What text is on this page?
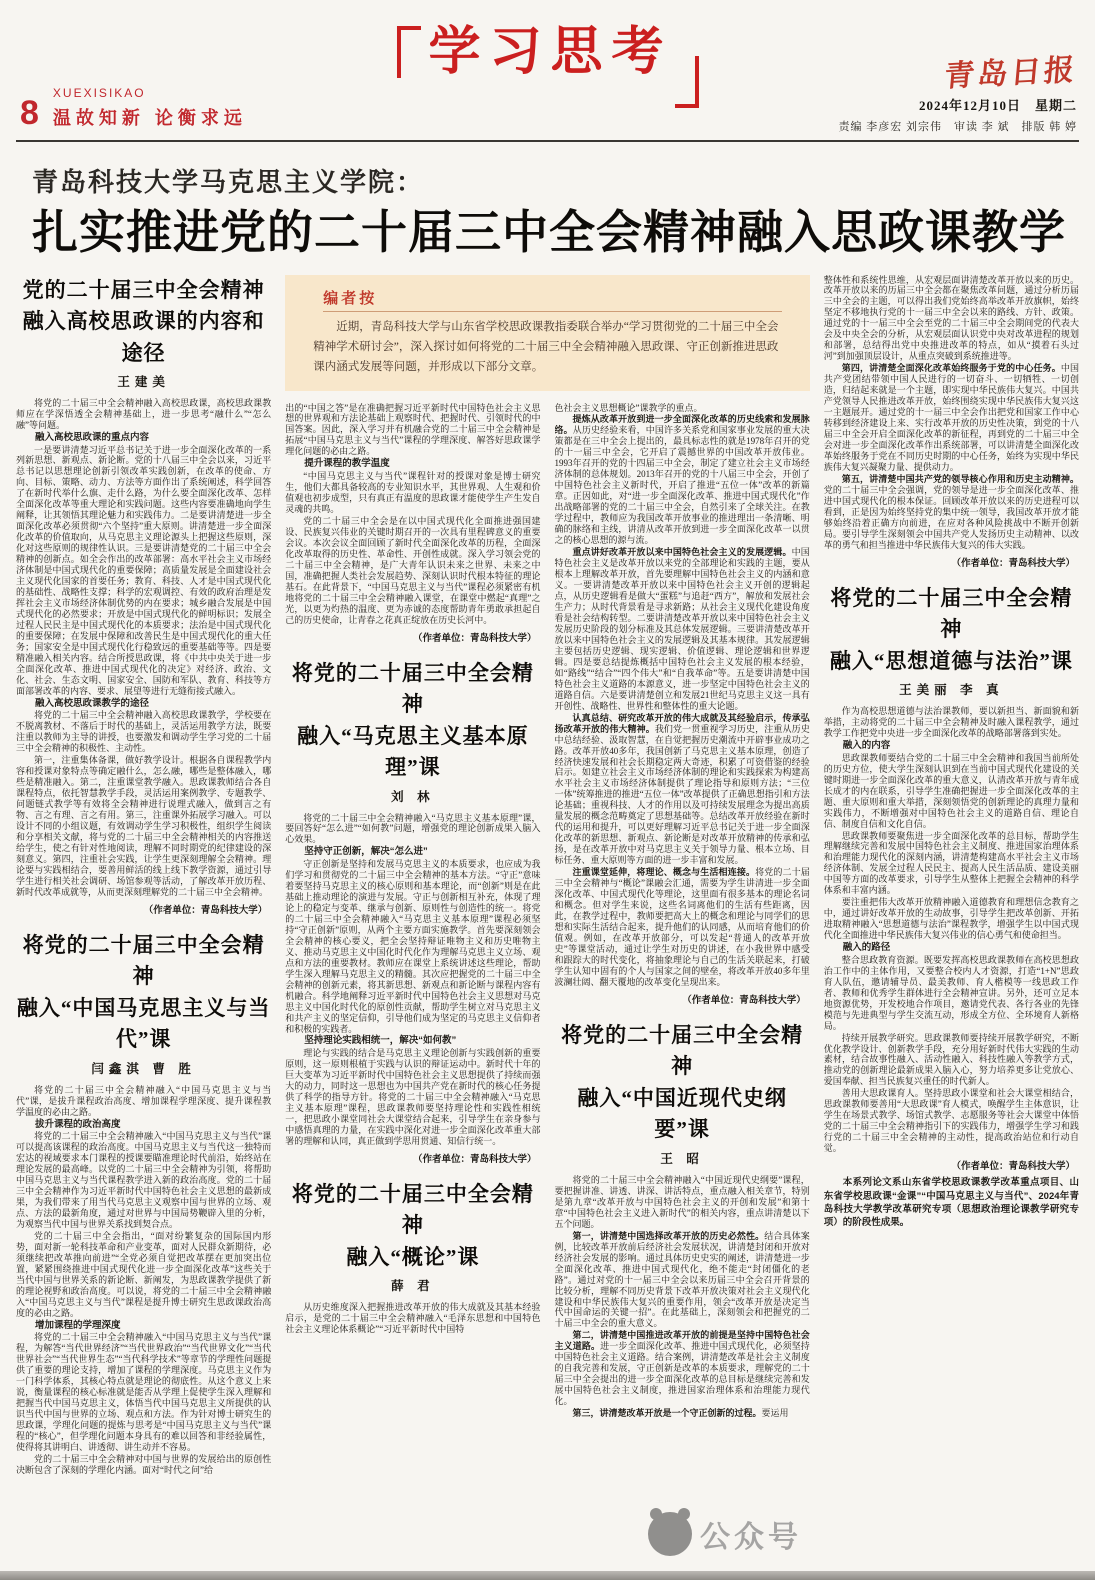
8
XUEXISIKAO
温故知新 论衡求远
学习思考	青岛日报
2024年12月10日　星期二
责编 李彦宏 刘宗伟　审读 李 斌　排版 韩 婷
青岛科技大学马克思主义学院：
扎实推进党的二十届三中全会精神融入思政课教学
党的二十届三中全会精神
融入高校思政课的内容和途径
王建美

将党的二十届三中全会精神融入高校思政课，高校思政课教师应在学深悟透全会精神基础上，进一步思考“融什么”“怎么融”等问题。

融入高校思政课的重点内容

一是要讲清楚习近平总书记关于进一步全面深化改革的一系列新思想、新观点、新论断。党的十八届三中全会以来，习近平总书记以思想理论创新引领改革实践创新，在改革的使命、方向、目标、策略、动力、方法等方面作出了系统阐述，科学回答了在新时代举什么旗、走什么路，为什么要全面深化改革、怎样全面深化改革等重大理论和实践问题。这些内容要准确地向学生阐释，让其领悟其理论魅力和实践伟力。二是要讲清楚进一步全面深化改革必须贯彻“六个坚持”重大原则。讲清楚进一步全面深化改革的价值取向，从马克思主义理论源头上把握这些原则，深化对这些原则的规律性认识。三是要讲清楚党的二十届三中全会精神的创新点。如全会作出的改革部署：高水平社会主义市场经济体制是中国式现代化的重要保障；高质量发展是全面建设社会主义现代化国家的首要任务；教育、科技、人才是中国式现代化的基础性、战略性支撑；科学的宏观调控、有效的政府治理是发挥社会主义市场经济体制优势的内在要求；城乡融合发展是中国式现代化的必然要求；开放是中国式现代化的鲜明标识；发展全过程人民民主是中国式现代化的本质要求；法治是中国式现代化的重要保障；在发展中保障和改善民生是中国式现代化的重大任务；国家安全是中国式现代化行稳致远的重要基础等等。四是要精准融入相关内容。结合所授思政课，将《中共中央关于进一步全面深化改革、推进中国式现代化的决定》对经济、政治、文化、社会、生态文明、国家安全、国防和军队、教育、科技等方面部署改革的内容、要求、展望等进行无缝衔接式融入。

融入高校思政课教学的途径

将党的二十届三中全会精神融入高校思政课教学，学校要在不脱离教材、不落后于时代的基础上，灵活运用教学方法，既要注重以教师为主导的讲授，也要激发和调动学生学习党的二十届三中全会精神的积极性、主动性。

第一，注重集体备课，做好教学设计。根据各自课程教学内容和授课对象特点等确定融什么，怎么融，哪些是整体融入，哪些是精准融入。第二，注重课堂教学融入。思政课教师结合各自课程特点，依托智慧教学手段，灵活运用案例教学、专题教学、问题链式教学等有效将全会精神进行说理式融入，做到言之有物、言之有理、言之有用。第三，注重课外拓展学习融入。可以设计不同的小组议题，有效调动学生学习积极性，组织学生阅读和分享相关文献，将与党的二十届三中全会精神相关的内容推送给学生，使之有针对性地阅读，理解不同时期党的纪律建设的深刻意义。第四，注重社会实践，让学生更深刻理解全会精神。理论要与实践相结合，要善用鲜活的线上线下教学资源，通过引导学生进行相关社会调研、场馆参观等活动，了解改革开放历程、新时代改革成就等，从而更深刻理解党的二十届三中全会精神。

（作者单位：青岛科技大学）

将党的二十届三中全会精神
融入“中国马克思主义与当代”课
闫鑫淇 曹 胜

将党的二十届三中全会精神融入“中国马克思主义与当代”课，是拔升课程政治高度、增加课程学理深度、提升课程教学温度的必由之路。

拔升课程的政治高度

将党的二十届三中全会精神融入“中国马克思主义与当代”课可以提高该课程的政治高度。中国马克思主义与当代这一独特而宏达的视域要求本门课程的授课要瞄准理论时代前沿，始终站在理论发展的最高峰。以党的二十届三中全会精神为引领，将帮助中国马克思主义与当代课程教学进入新的政治高度。党的二十届三中全会精神作为习近平新时代中国特色社会主义思想的最新成果，为我们带来了用当代马克思主义观察中国与世界的立场、观点、方法的最新角度，通过对世界与中国局势鞭辟入里的分析，为观察当代中国与世界关系找到契合点。

党的二十届三中全会指出，“面对纷繁复杂的国际国内形势，面对新一轮科技革命和产业变革，面对人民群众新期待，必须继续把改革推向前进”“全党必须自觉把改革摆在更加突出位置，紧紧围绕推进中国式现代化进一步全面深化改革”这些关于当代中国与世界关系的新论断、新阐发，为思政课教学提供了新的理论视野和政治高度。可以说，将党的二十届三中全会精神融入“中国马克思主义与当代”课程是提升博士研究生思政课政治高度的必由之路。

增加课程的学理深度

将党的二十届三中全会精神融入“中国马克思主义与当代”课程，为解答“当代世界经济”“当代世界政治”“当代世界文化”“当代世界社会”“当代世界生态”“当代科学技术”等章节的学理性问题提供了重要的理论支持，增加了课程的学理深度。马克思主义作为一门科学体系，其核心特点就是理论的彻底性。从这个意义上来说，衡量课程的核心标准就是能否从学理上促使学生深入理解和把握当代中国马克思主义，体悟当代中国马克思主义所提供的认识当代中国与世界的立场、观点和方法。作为针对博士研究生的思政课，学理化问题的提炼与思考是“中国马克思主义与当代”课程的“核心”，但学理化问题本身具有的难以回答和非经验属性，使得将其讲明白、讲透彻、讲生动并不容易。

党的二十届三中全会精神对中国与世界的发展给出的原创性决断包含了深刻的学理化内涵。面对“时代之问”给

编者按

近期，青岛科技大学与山东省学校思政课教指委联合举办“学习贯彻党的二十届三中全会精神学术研讨会”，深入探讨如何将党的二十届三中全会精神融入思政课、守正创新推进思政课内涵式发展等问题，并形成以下部分文章。

出的“中国之答”是在准确把握习近平新时代中国特色社会主义思想的世界观和方法论基础上观察时代、把握时代、引领时代的中国答案。因此，深入学习并有机融合党的二十届三中全会精神是拓展“中国马克思主义与当代”课程的学理深度、解答好思政课学理化问题的必由之路。

提升课程的教学温度

“中国马克思主义与当代”课程针对的授课对象是博士研究生，他们大都具备较高的专业知识水平，其世界观、人生观和价值观也初步成型，只有真正有温度的思政课才能使学生产生发自灵魂的共鸣。

党的二十届三中全会是在以中国式现代化全面推进强国建设、民族复兴伟业的关键时期召开的一次具有里程碑意义的重要会议。本次会议全面回顾了新时代全面深化改革的历程，全面深化改革取得的历史性、革命性、开创性成就。深入学习领会党的二十届三中全会精神，是广大青年认识未来之世界、未来之中国，准确把握人类社会发展趋势、深刻认识时代根本特征的理论基石。在此背景下，“中国马克思主义与当代”课程必须紧密有机地将党的二十届三中全会精神融入课堂，在课堂中燃起“真理”之光，以更为灼热的温度、更为赤诚的态度帮助青年勇敢承担起自己的历史使命，让青春之花真正绽放在历史长河中。

（作者单位：青岛科技大学）

将党的二十届三中全会精神
融入“马克思主义基本原理”课
刘 林

将党的二十届三中全会精神融入“马克思主义基本原理”课，要回答好“怎么进”“如何教”问题，增强党的理论创新成果入脑入心效果。

坚持守正创新，解决“怎么进”

守正创新是坚持和发展马克思主义的本质要求，也应成为我们学习和贯彻党的二十届三中全会精神的基本方法。“守正”意味着要坚持马克思主义的核心原则和基本理论，而“创新”则是在此基础上推动理论的演进与发展。守正与创新相互补充，体现了理论上的稳定与变革、继承与创新、原则性与创造性的统一。将党的二十届三中全会精神融入“马克思主义基本原理”课程必须坚持“守正创新”原则，从两个主要方面实施教学。首先要深刻领会全会精神的核心要义，把全会坚持辩证唯物主义和历史唯物主义、推动马克思主义中国化时代化作为理解马克思主义立场、观点和方法的重要教材。教师应在课堂上系统讲述这些理论，帮助学生深入理解马克思主义的精髓。其次应把握党的二十届三中全会精神的创新元素，将其新思想、新观点和新论断与课程内容有机融合。科学地阐释习近平新时代中国特色社会主义思想对马克思主义中国化时代化的原创性贡献，帮助学生树立对马克思主义和共产主义的坚定信仰，引导他们成为坚定的马克思主义信仰者和积极的实践者。

坚持理论实践相统一，解决“如何教”

理论与实践的结合是马克思主义理论创新与实践创新的重要原则，这一原则根植于实践与认识的辩证运动中。新时代十年的巨大变革为习近平新时代中国特色社会主义思想提供了持续而强大的动力，同时这一思想也为中国共产党在新时代的核心任务提供了科学的指导方针。将党的二十届三中全会精神融入“马克思主义基本原理”课程，思政课教师要坚持理论性和实践性相统一，把思政小课堂同社会大课堂结合起来，引导学生在亲身参与中感悟真理的力量，在实践中深化对进一步全面深化改革重大部署的理解和认同，真正做到学思用贯通、知信行统一。

（作者单位：青岛科技大学）

将党的二十届三中全会精神
融入“概论”课
薛 君

从历史维度深入把握推进改革开放的伟大成就及其基本经验启示，是党的二十届三中全会精神融入“毛泽东思想和中国特色社会主义理论体系概论”“习近平新时代中国特

色社会主义思想概论”课教学的重点。

提炼从改革开放到进一步全面深化改革的历史线索和发展脉络。从历史经验来看，中国许多关系党和国家事业发展的重大决策都是在三中全会上提出的，最具标志性的就是1978年召开的党的十一届三中全会，它开启了震撼世界的中国改革开放伟业。1993年召开的党的十四届三中全会，制定了建立社会主义市场经济体制的总体规划。2013年召开的党的十八届三中全会，开创了中国特色社会主义新时代，开启了推进“五位一体”改革的新篇章。正因如此，对“进一步全面深化改革、推进中国式现代化”作出战略部署的党的二十届三中全会，自然引来了全球关注。在教学过程中，教师应为我国改革开放事业的推进理出一条清晰、明确的脉络和主线，讲清从改革开放到进一步全面深化改革一以贯之的核心思想的源与流。

重点讲好改革开放以来中国特色社会主义的发展逻辑。中国特色社会主义是改革开放以来党的全部理论和实践的主题，要从根本上理解改革开放，首先要理解中国特色社会主义的内涵和意义。一要讲清楚改革开放以来中国特色社会主义开创的逻辑起点，从历史逻辑看是做大“蛋糕”与追赶“西方”，解放和发展社会生产力；从时代背景看是寻求新路；从社会主义现代化建设角度看是社会结构转型。二要讲清楚改革开放以来中国特色社会主义发展历史阶段的划分标准及其总体发展逻辑。三要讲清楚改革开放以来中国特色社会主义的发展逻辑及其基本规律。其发展逻辑主要包括历史逻辑、现实逻辑、价值逻辑、理论逻辑和世界逻辑。四是要总结提炼概括中国特色社会主义发展的根本经验，如“路线”“结合”“四个伟大”和“自我革命”等。五是要讲清楚中国特色社会主义道路的本源意义，进一步坚定中国特色社会主义的道路自信。六是要讲清楚创立和发展21世纪马克思主义这一具有开创性、战略性、世界性和整体性的重大论题。

认真总结、研究改革开放的伟大成就及其经验启示，传承弘扬改革开放的伟大精神。我们党一贯重视学习历史，注重从历史中总结经验、汲取智慧，在自觉把握历史潮流中开辟事业成功之路。改革开放40多年，我国创新了马克思主义基本原理，创造了经济快速发展和社会长期稳定两大奇迹，积累了可资借鉴的经验启示。如建立社会主义市场经济体制的理论和实践探索为构建高水平社会主义市场经济体制提供了理论指导和原则方法；“三位一体”统筹推进的推进“五位一体”改革提供了正确思想指引和方法论基础；重视科技、人才的作用以及可持续发展理念为提出高质量发展的概念范畴奠定了思想基础等。总结改革开放经验在新时代的运用和提升，可以更好理解习近平总书记关于进一步全面深化改革的新思想、新观点、新论断是对改革开放精神的传承和弘扬，是在改革开放中对马克思主义关于领导力量、根本立场、目标任务、重大原则等方面的进一步丰富和发展。

注重课堂延伸，将理论、概念与生活相连接。将党的二十届三中全会精神与“概论”课融会汇通，需要为学生讲清进一步全面深化改革、中国式现代化等理论，这里面有很多基本的理论名词和概念。但对学生来说，这些名词离他们的生活有些距离，因此，在教学过程中，教师要把高大上的概念和理论与同学们的思想和实际生活结合起来，提升他们的认同感，从而培育他们的价值观。例如，在改革开放部分，可以发起“普通人的改革开放史”等课堂活动，通过让学生对历史的讲述，在小我世界中感受和跟踪大的时代变化，将抽象理论与自己的生活关联起来，打破学生认知中固有的个人与国家之间的壁垒，将改革开放40多年里波澜壮阔、翻天覆地的改革变化呈现出来。

（作者单位：青岛科技大学）

将党的二十届三中全会精神
融入“中国近现代史纲要”课
王 昭

将党的二十届三中全会精神融入“中国近现代史纲要”课程，要把握讲准、讲透、讲深、讲活特点，重点融入相关章节，特别是第九章“改革开放与中国特色社会主义的开创和发展”和第十章“中国特色社会主义进入新时代”的相关内容，重点讲清楚以下五个问题。

第一，讲清楚中国选择改革开放的历史必然性。结合具体案例，比较改革开放前后经济社会发展状况，讲清楚封闭和开放对经济社会发展的影响。通过具体历史史实的阐述，讲清楚进一步全面深化改革、推进中国式现代化，绝不能走“封闭僵化的老路”。通过对党的十一届三中全会以来历届三中全会召开背景的比较分析，理解不同历史背景下改革开放决策对社会主义现代化建设和中华民族伟大复兴的重要作用，领会“改革开放是决定当代中国命运的关键一招”。在此基础上，深刻领会和把握党的二十届三中全会的重大意义。

第二，讲清楚中国推进改革开放的前提是坚持中国特色社会主义道路。进一步全面深化改革、推进中国式现代化，必须坚持中国特色社会主义道路。结合案例，讲清楚改革是社会主义制度的自我完善和发展，守正创新是改革的本质要求，理解党的二十届三中全会提出的进一步全面深化改革的总目标是继续完善和发展中国特色社会主义制度，推进国家治理体系和治理能力现代化。

第三，讲清楚改革开放是一个守正创新的过程。要运用

整体性和系统性思维，从宏观层面讲清楚改革开放以来的历史。改革开放以来的历届三中全会都在聚焦改革问题，通过分析历届三中全会的主题，可以得出我们党始终高举改革开放旗帜，始终坚定不移地执行党的十一届三中全会以来的路线、方针、政策。通过党的十一届三中全会至党的二十届三中全会期间党的代表大会及中央全会的分析，从宏观层面认识党中央对改革进程的规划和部署，总结得出党中央推进改革的特点，如从“摸着石头过河”到加强顶层设计，从重点突破到系统推进等。

第四，讲清楚全面深化改革始终服务于党的中心任务。中国共产党团结带领中国人民进行的一切奋斗、一切牺牲、一切创造，归结起来就是一个主题，即实现中华民族伟大复兴。中国共产党领导人民推进改革开放，始终围绕实现中华民族伟大复兴这一主题展开。通过党的十一届三中全会作出把党和国家工作中心转移到经济建设上来、实行改革开放的历史性决策，到党的十八届三中全会开启全面深化改革的新征程，再到党的二十届三中全会对进一步全面深化改革作出系统部署，可以讲清楚全面深化改革始终服务于党在不同历史时期的中心任务，始终为实现中华民族伟大复兴凝聚力量、提供动力。

第五，讲清楚中国共产党的领导核心作用和历史主动精神。党的二十届三中全会强调，党的领导是进一步全面深化改革、推进中国式现代化的根本保证。回顾改革开放以来的历史进程可以看到，正是因为始终坚持党的集中统一领导，我国改革开放才能够始终沿着正确方向前进，在应对各种风险挑战中不断开创新局。要引导学生深刻领会中国共产党人发扬历史主动精神、以改革的勇气和担当推进中华民族伟大复兴的伟大实践。

（作者单位：青岛科技大学）

将党的二十届三中全会精神
融入“思想道德与法治”课
王美丽 李 真

作为高校思想道德与法治课教师，要以新担当、新面貌和新举措，主动将党的二十届三中全会精神及时融入课程教学，通过教学工作把党中央进一步全面深化改革的战略部署落到实处。

融入的内容

思政课教师要结合党的二十届三中全会精神和我国当前所处的历史方位，使大学生深刻认识到在当前中国式现代化建设的关键时期进一步全面深化改革的重大意义，认清改革开放与青年成长成才的内在联系，引导学生准确把握进一步全面深化改革的主题、重大原则和重大举措，深刻领悟党的创新理论的真理力量和实践伟力，不断增强对中国特色社会主义的道路自信、理论自信、制度自信和文化自信。

思政课教师要聚焦进一步全面深化改革的总目标，帮助学生理解继续完善和发展中国特色社会主义制度、推进国家治理体系和治理能力现代化的深刻内涵，讲清楚构建高水平社会主义市场经济体制、发展全过程人民民主、提高人民生活品质、建设美丽中国等方面的改革要求，引导学生从整体上把握全会精神的科学体系和丰富内涵。

要注重把伟大改革开放精神融入道德教育和理想信念教育之中，通过讲好改革开放的生动故事，引导学生把改革创新、开拓进取精神融入“思想道德与法治”课程教学，增强学生以中国式现代化全面推进中华民族伟大复兴伟业的信心勇气和使命担当。

融入的路径

整合思政教育资源。既要发挥高校思政课教师在高校思想政治工作中的主体作用，又要整合校内人才资源，打造“1+N”思政育人队伍，邀请辅导员、最美教师、育人楷模等一线思政工作者、教师和优秀学生群体进行全会精神宣讲。另外，还可立足本地资源优势，开发校地合作项目，邀请党代表、各行各业的先锋模范与先进典型与学生交流互动，形成全方位、全环境育人新格局。

持续开展教学研究。思政课教师要持续开展教学研究，不断优化教学设计、创新教学手段，充分用好新时代伟大实践的生动素材，结合故事性融入、活动性融入、科技性融入等教学方式，推动党的创新理论最新成果入脑入心，努力培养更多让党放心、爱国奉献、担当民族复兴重任的时代新人。

善用大思政课育人。坚持思政小课堂和社会大课堂相结合，思政课教师要善用“大思政课”育人模式，唤醒学生主体意识，让学生在场景式教学、场馆式教学、志愿服务等社会大课堂中体悟党的二十届三中全会精神指引下的实践伟力，增强学生学习和践行党的二十届三中全会精神的主动性，提高政治站位和行动自觉。

（作者单位：青岛科技大学）

本系列论文系山东省学校思政课教学改革重点项目、山东省学校思政课“金课”“中国马克思主义与当代”、2024年青岛科技大学教学改革研究专项（思想政治理论课教学研究专项）的阶段性成果。

公众号
